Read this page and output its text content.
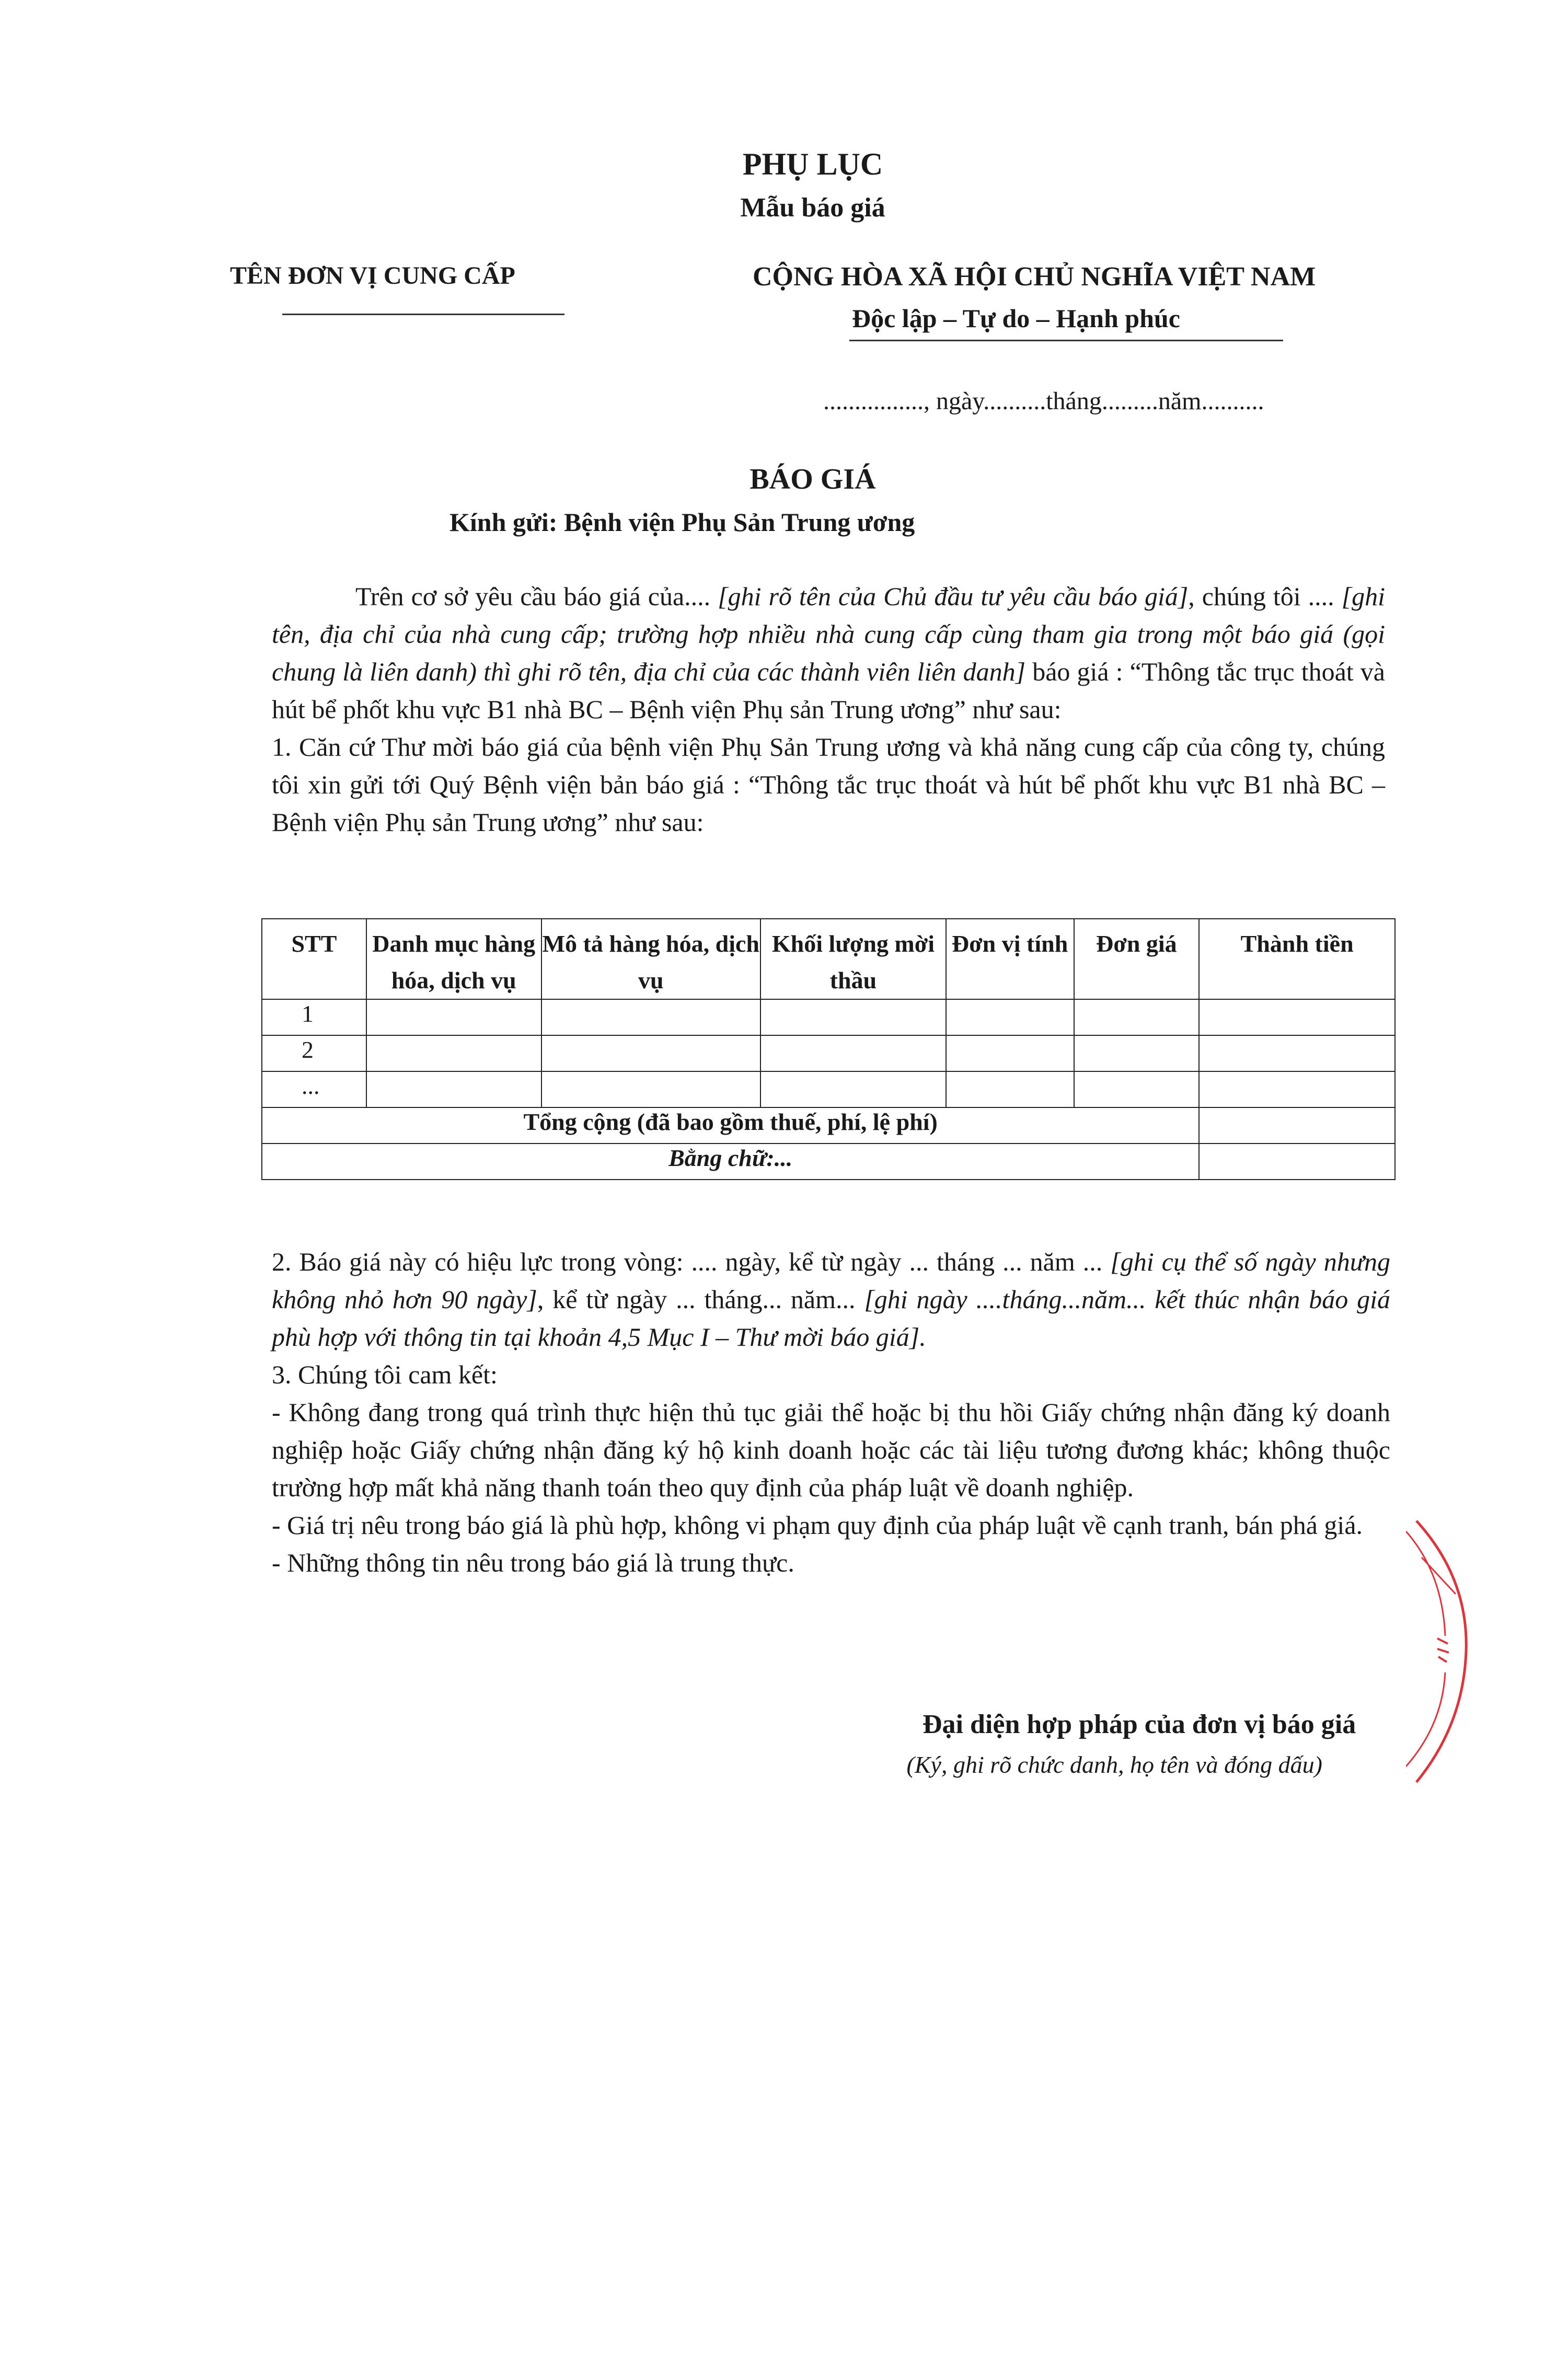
PHỤ LỤC
Mẫu báo giá
TÊN ĐƠN VỊ CUNG CẤP	CỘNG HÒA XÃ HỘI CHỦ NGHĨA VIỆT NAM
Độc lập – Tự do – Hạnh phúc
................, ngày..........tháng.........năm..........
BÁO GIÁ
Kính gửi: Bệnh viện Phụ Sản Trung ương

Trên cơ sở yêu cầu báo giá của.... [ghi rõ tên của Chủ đầu tư yêu cầu báo giá], chúng tôi .... [ghi tên, địa chỉ của nhà cung cấp; trường hợp nhiều nhà cung cấp cùng tham gia trong một báo giá (gọi chung là liên danh) thì ghi rõ tên, địa chỉ của các thành viên liên danh] báo giá : “Thông tắc trục thoát và hút bể phốt khu vực B1 nhà BC – Bệnh viện Phụ sản Trung ương” như sau:

1. Căn cứ Thư mời báo giá của bệnh viện Phụ Sản Trung ương và khả năng cung cấp của công ty, chúng tôi xin gửi tới Quý Bệnh viện bản báo giá : “Thông tắc trục thoát và hút bể phốt khu vực B1 nhà BC – Bệnh viện Phụ sản Trung ương” như sau:

STT	Danh mục hàng hóa, dịch vụ	Mô tả hàng hóa, dịch vụ	Khối lượng mời thầu	Đơn vị tính	Đơn giá	Thành tiền
1						
2						
...						
Tổng cộng (đã bao gồm thuế, phí, lệ phí)						
Bằng chữ:...						

2. Báo giá này có hiệu lực trong vòng: .... ngày, kể từ ngày ... tháng ... năm ... [ghi cụ thể số ngày nhưng không nhỏ hơn 90 ngày], kể từ ngày ... tháng... năm... [ghi ngày ....tháng...năm... kết thúc nhận báo giá phù hợp với thông tin tại khoản 4,5 Mục I – Thư mời báo giá].

3. Chúng tôi cam kết:

- Không đang trong quá trình thực hiện thủ tục giải thể hoặc bị thu hồi Giấy chứng nhận đăng ký doanh nghiệp hoặc Giấy chứng nhận đăng ký hộ kinh doanh hoặc các tài liệu tương đương khác; không thuộc trường hợp mất khả năng thanh toán theo quy định của pháp luật về doanh nghiệp.

- Giá trị nêu trong báo giá là phù hợp, không vi phạm quy định của pháp luật về cạnh tranh, bán phá giá.

- Những thông tin nêu trong báo giá là trung thực.

Đại diện hợp pháp của đơn vị báo giá
(Ký, ghi rõ chức danh, họ tên và đóng dấu)
